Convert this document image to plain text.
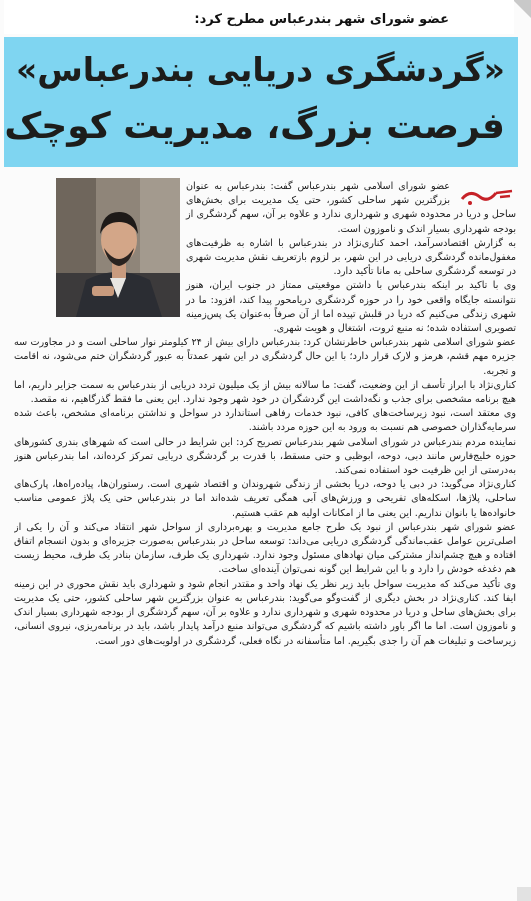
عضو شورای شهر بندرعباس مطرح کرد:
«گردشگری دریایی بندرعباس»
فرصت بزرگ، مدیریت کوچک

عضو شورای اسلامی شهر بندرعباس گفت: بندرعباس به عنوان بزرگترین شهر ساحلی کشور، حتی یک مدیریت برای بخش‌های ساحل و دریا در محدوده شهری و شهرداری ندارد و علاوه بر آن، سهم گردشگری از بودجه شهرداری بسیار اندک و ناموزون است.

به گزارش اقتصادسرآمد، احمد کناری‌نژاد در بندرعباس با اشاره به ظرفیت‌های مغفول‌مانده گردشگری دریایی در این شهر، بر لزوم بازتعریف نقش مدیریت شهری در توسعه گردشگری ساحلی به مانا تأکید دارد.

وی با تاکید بر اینکه بندرعباس با داشتن موقعیتی ممتاز در جنوب ایران، هنوز نتوانسته جایگاه واقعی خود را در حوزه گردشگری دریامحور پیدا کند، افزود: ما در شهری زندگی می‌کنیم که دریا در قلبش تپیده اما از آن صرفاً به‌عنوان یک پس‌زمینه تصویری استفاده شده؛ نه منبع ثروت، اشتغال و هویت شهری.

عضو شورای اسلامی شهر بندرعباس خاطرنشان کرد: بندرعباس دارای بیش از ۲۴ کیلومتر نوار ساحلی است و در مجاورت سه جزیره مهم قشم، هرمز و لارک قرار دارد؛ با این حال گردشگری در این شهر عمدتاً به عبور گردشگران ختم می‌شود، نه اقامت و تجربه.

کناری‌نژاد با ابراز تأسف از این وضعیت، گفت: ما سالانه بیش از یک میلیون تردد دریایی از بندرعباس به سمت جزایر داریم، اما هیچ برنامه مشخصی برای جذب و نگه‌داشت این گردشگران در خود شهر وجود ندارد. این یعنی ما فقط گذرگاهیم، نه مقصد.

وی معتقد است، نبود زیرساخت‌های کافی، نبود خدمات رفاهی استاندارد در سواحل و نداشتن برنامه‌ای مشخص، باعث شده سرمایه‌گذاران خصوصی هم نسبت به ورود به این حوزه مردد باشند.

نماینده مردم بندرعباس در شورای اسلامی شهر بندرعباس تصریح کرد: این شرایط در حالی است که شهرهای بندری کشورهای حوزه خلیج‌فارس مانند دبی، دوحه، ابوظبی و حتی مسقط، با قدرت بر گردشگری دریایی تمرکز کرده‌اند، اما بندرعباس هنوز به‌درستی از این ظرفیت خود استفاده نمی‌کند.

کناری‌نژاد می‌گوید: در دبی یا دوحه، دریا بخشی از زندگی شهروندان و اقتصاد شهری است. رستوران‌ها، پیاده‌راه‌ها، پارک‌های ساحلی، پلاژها، اسکله‌های تفریحی و ورزش‌های آبی همگی تعریف شده‌اند اما در بندرعباس حتی یک پلاژ عمومی مناسب خانواده‌ها یا بانوان نداریم. این یعنی ما از امکانات اولیه هم عقب هستیم.

عضو شورای شهر بندرعباس از نبود یک طرح جامع مدیریت و بهره‌برداری از سواحل شهر انتقاد می‌کند و آن را یکی از اصلی‌ترین عوامل عقب‌ماندگی گردشگری دریایی می‌داند: توسعه ساحل در بندرعباس به‌صورت جزیره‌ای و بدون انسجام اتفاق افتاده و هیچ چشم‌انداز مشترکی میان نهادهای مسئول وجود ندارد. شهرداری یک طرف، سازمان بنادر یک طرف، محیط زیست هم دغدغه خودش را دارد و با این شرایط این گونه نمی‌توان آینده‌ای ساخت.

وی تأکید می‌کند که مدیریت سواحل باید زیر نظر یک نهاد واحد و مقتدر انجام شود و شهرداری باید نقش محوری در این زمینه ایفا کند. کناری‌نژاد در بخش دیگری از گفت‌وگو می‌گوید: بندرعباس به عنوان بزرگترین شهر ساحلی کشور، حتی یک مدیریت برای بخش‌های ساحل و دریا در محدوده شهری و شهرداری ندارد و علاوه بر آن، سهم گردشگری از بودجه شهرداری بسیار اندک و ناموزون است. اما ما اگر باور داشته باشیم که گردشگری می‌تواند منبع درآمد پایدار باشد، باید در برنامه‌ریزی، نیروی انسانی، زیرساخت و تبلیغات هم آن را جدی بگیریم. اما متأسفانه در نگاه فعلی، گردشگری در اولویت‌های دور است.
